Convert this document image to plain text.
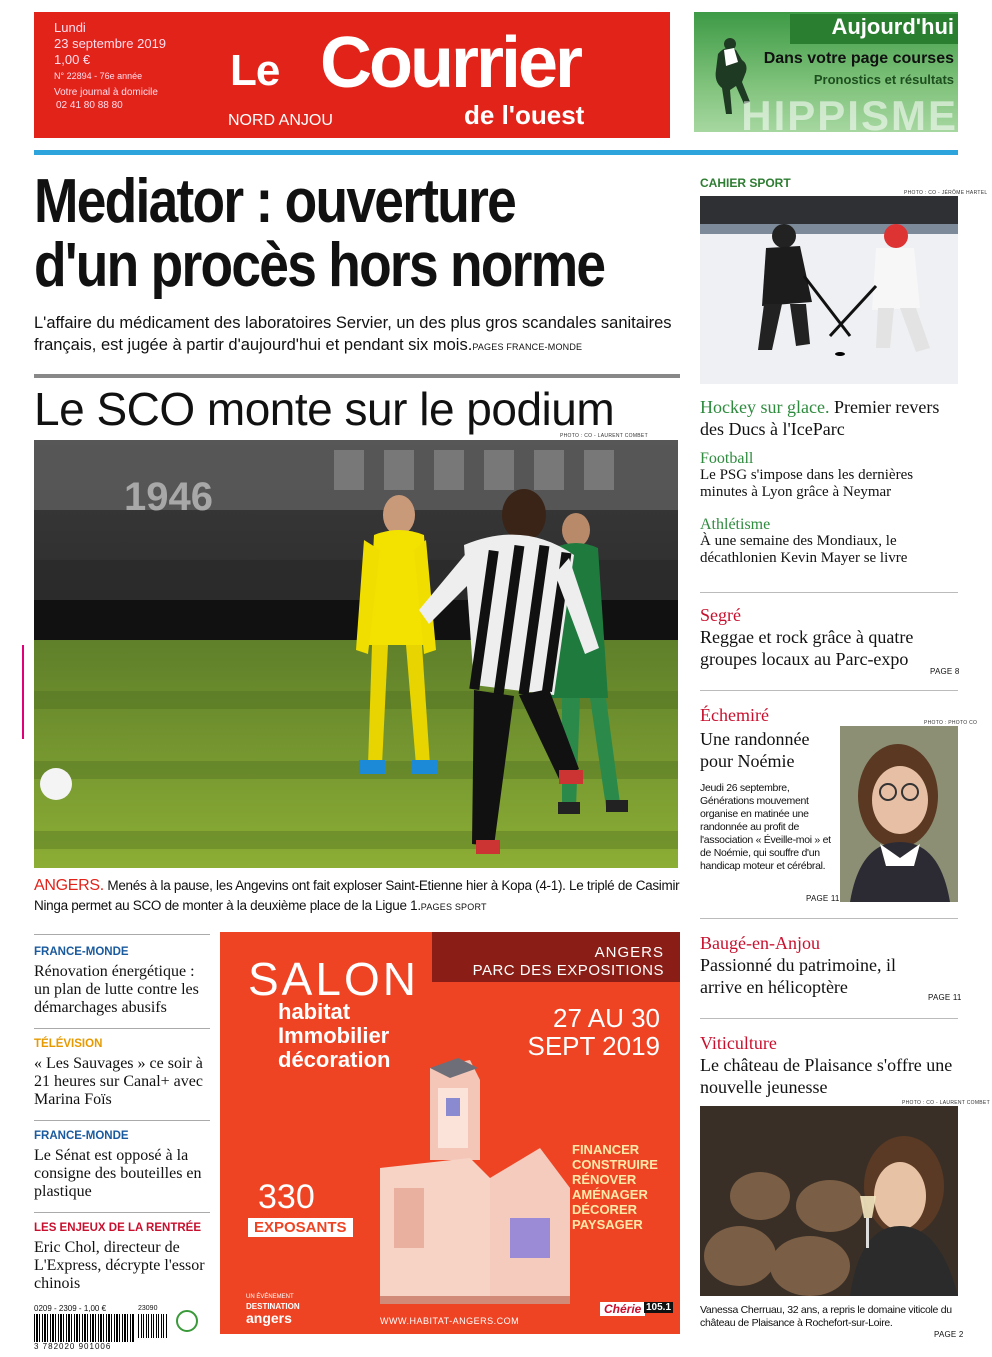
Lundi
23 septembre 2019
1,00 €
N° 22894 - 76e année
Votre journal à domicile
02 41 80 88 80
Le Courrier
de l'ouest
NORD ANJOU
Aujourd'hui
Dans votre page courses
Pronostics et résultats
HIPPISME
Mediator : ouverture
d'un procès hors norme
L'affaire du médicament des laboratoires Servier, un des plus gros scandales sanitaires français, est jugée à partir d'aujourd'hui et pendant six mois.PAGES FRANCE-MONDE
Le SCO monte sur le podium
PHOTO : CO - LAURENT COMBET
1946
ANGERS. Menés à la pause, les Angevins ont fait exploser Saint-Etienne hier à Kopa (4-1). Le triplé de Casimir Ninga permet au SCO de monter à la deuxième place de la Ligue 1.PAGES SPORT
FRANCE-MONDE
Rénovation énergétique : un plan de lutte contre les démarchages abusifs
TÉLÉVISION
« Les Sauvages » ce soir à 21 heures sur Canal+ avec Marina Foïs
FRANCE-MONDE
Le Sénat est opposé à la consigne des bouteilles en plastique
LES ENJEUX DE LA RENTRÉE
Eric Chol, directeur de L'Express, décrypte l'essor chinois
0209 - 2309 - 1,00 €	23090
3 782020 901006
ANGERS
PARC DES EXPOSITIONS
SALON
habitat
Immobilier
décoration
27 AU 30
SEPT 2019
FINANCER
CONSTRUIRE
RÉNOVER
AMÉNAGER
DÉCORER
PAYSAGER
330
EXPOSANTS
UN ÉVÉNEMENT
DESTINATION
angers	WWW.HABITAT-ANGERS.COM
Chérie 105.1
CAHIER SPORT
PHOTO : CO - JÉRÔME HARTEL
Hockey sur glace. Premier revers des Ducs à l'IceParc
Football
Le PSG s'impose dans les dernières minutes à Lyon grâce à Neymar
Athlétisme
À une semaine des Mondiaux, le décathlonien Kevin Mayer se livre
Segré
Reggae et rock grâce à quatre groupes locaux au Parc-expo
PAGE 8
Échemiré	PHOTO : PHOTO CO
Une randonnée pour Noémie
Jeudi 26 septembre, Générations mouvement organise en matinée une randonnée au profit de l'association « Éveille-moi » et de Noémie, qui souffre d'un handicap moteur et cérébral.
PAGE 11
Baugé-en-Anjou
Passionné du patrimoine, il arrive en hélicoptère
PAGE 11
Viticulture
Le château de Plaisance s'offre une nouvelle jeunesse
PHOTO : CO - LAURENT COMBET
Vanessa Cherruau, 32 ans, a repris le domaine viticole du château de Plaisance à Rochefort-sur-Loire.
PAGE 2
